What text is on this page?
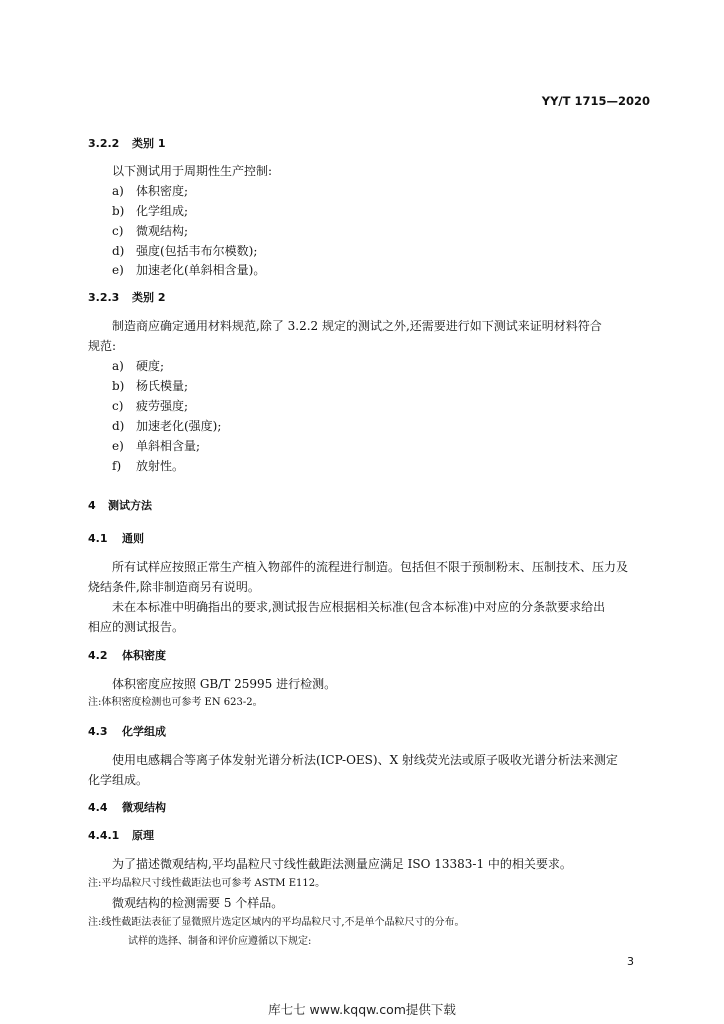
YY/T 1715—2020
3.2.2 类别 1
以下测试用于周期性生产控制:
a) 体积密度;
b) 化学组成;
c) 微观结构;
d) 强度(包括韦布尔模数);
e) 加速老化(单斜相含量)。
3.2.3 类别 2
制造商应确定通用材料规范,除了 3.2.2 规定的测试之外,还需要进行如下测试来证明材料符合
规范:
a) 硬度;
b) 杨氏模量;
c) 疲劳强度;
d) 加速老化(强度);
e) 单斜相含量;
f) 放射性。
4 测试方法
4.1 通则
所有试样应按照正常生产植入物部件的流程进行制造。包括但不限于预制粉末、压制技术、压力及
烧结条件,除非制造商另有说明。
未在本标准中明确指出的要求,测试报告应根据相关标准(包含本标准)中对应的分条款要求给出
相应的测试报告。
4.2 体积密度
体积密度应按照 GB/T 25995 进行检测。
注:体积密度检测也可参考 EN 623-2。
4.3 化学组成
使用电感耦合等离子体发射光谱分析法(ICP-OES)、X 射线荧光法或原子吸收光谱分析法来测定
化学组成。
4.4 微观结构
4.4.1 原理
为了描述微观结构,平均晶粒尺寸线性截距法测量应满足 ISO 13383-1 中的相关要求。
注:平均晶粒尺寸线性截距法也可参考 ASTM E112。
微观结构的检测需要 5 个样品。
注:线性截距法表征了显微照片选定区域内的平均晶粒尺寸,不是单个晶粒尺寸的分布。
试样的选择、制备和评价应遵循以下规定:
3
库七七 www.kqqw.com提供下载
